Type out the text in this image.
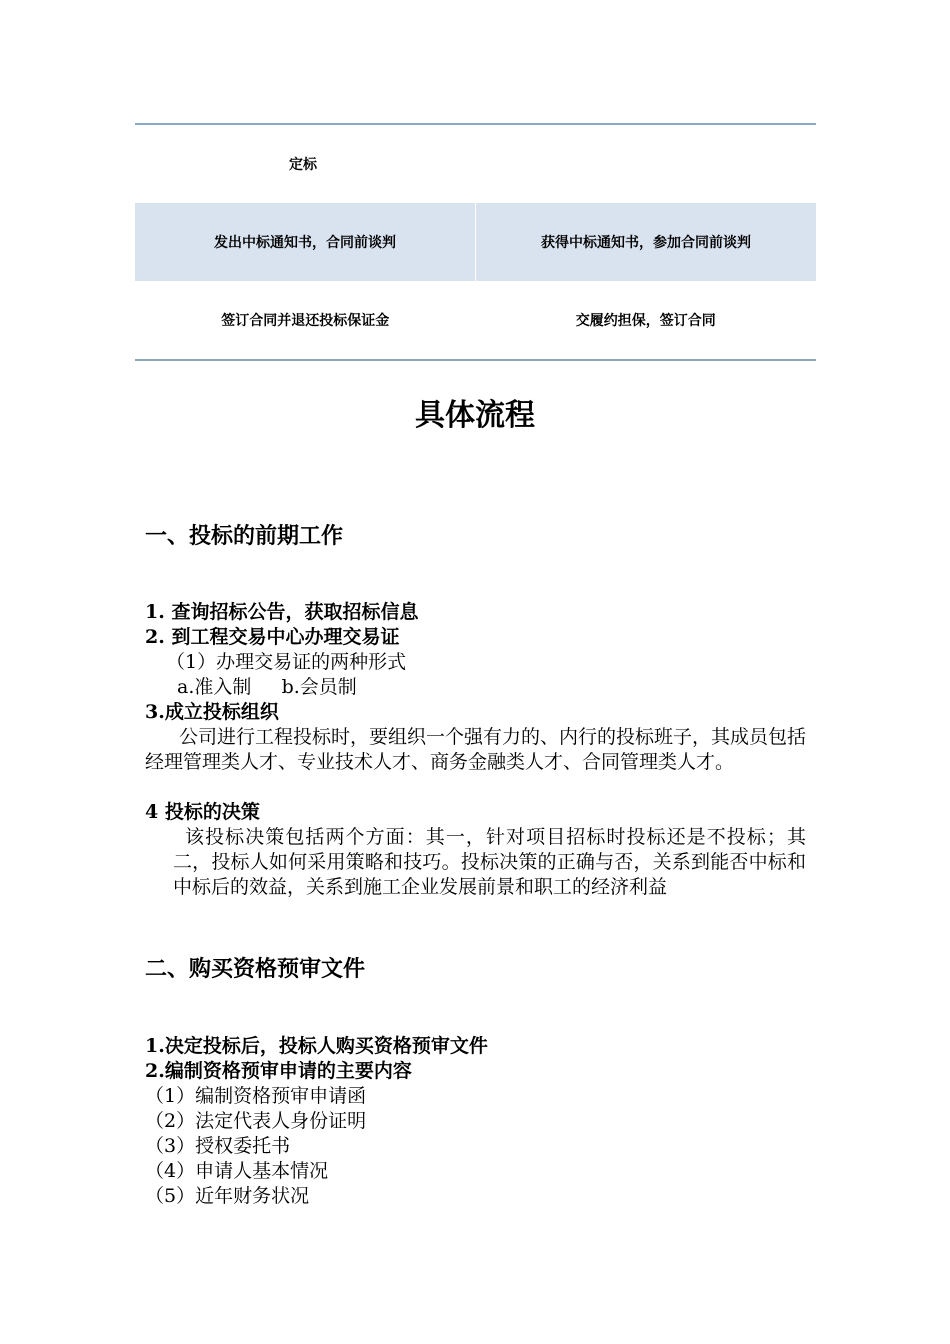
定标
发出中标通知书，合同前谈判	获得中标通知书，参加合同前谈判
签订合同并退还投标保证金	交履约担保，签订合同
具体流程
一、投标的前期工作
1. 查询招标公告，获取招标信息
2. 到工程交易中心办理交易证
（1）办理交易证的两种形式
a.准入制     b.会员制
3.成立投标组织
公司进行工程投标时，要组织一个强有力的、内行的投标班子，其成员包括经理管理类人才、专业技术人才、商务金融类人才、合同管理类人才。
4 投标的决策
该投标决策包括两个方面：其一，针对项目招标时投标还是不投标；其二，投标人如何采用策略和技巧。投标决策的正确与否，关系到能否中标和中标后的效益，关系到施工企业发展前景和职工的经济利益
二、购买资格预审文件
1.决定投标后，投标人购买资格预审文件
2.编制资格预审申请的主要内容
（1）编制资格预审申请函
（2）法定代表人身份证明
（3）授权委托书
（4）申请人基本情况
（5）近年财务状况
